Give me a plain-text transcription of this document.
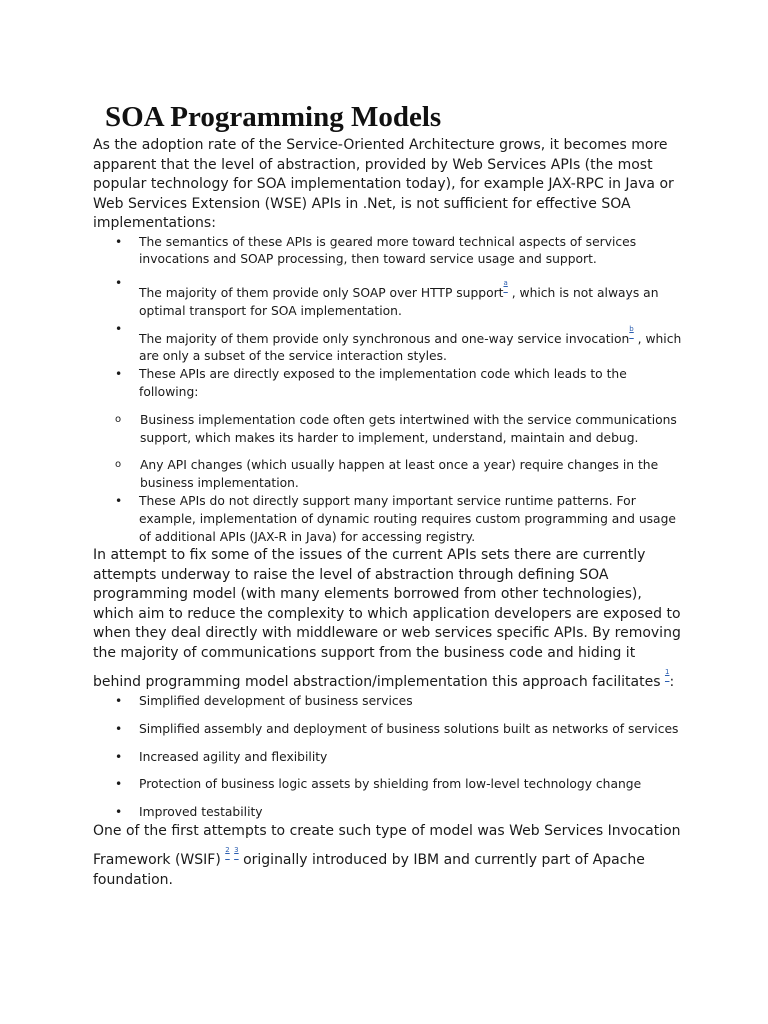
SOA Programming Models

As the adoption rate of the Service-Oriented Architecture grows, it becomes more apparent that the level of abstraction, provided by Web Services APIs (the most popular technology for SOA implementation today), for example JAX-RPC in Java or Web Services Extension (WSE) APIs in .Net, is not sufficient for effective SOA implementations:

• The semantics of these APIs is geared more toward technical aspects of services invocations and SOAP processing, then toward service usage and support.
• The majority of them provide only SOAP over HTTP support$^a$ , which is not always an optimal transport for SOA implementation.
• The majority of them provide only synchronous and one-way service invocation$^b$ , which are only a subset of the service interaction styles.
• These APIs are directly exposed to the implementation code which leads to the following:
o Business implementation code often gets intertwined with the service communications support, which makes its harder to implement, understand, maintain and debug.
o Any API changes (which usually happen at least once a year) require changes in the business implementation.
• These APIs do not directly support many important service runtime patterns. For example, implementation of dynamic routing requires custom programming and usage of additional APIs (JAX-R in Java) for accessing registry.

In attempt to fix some of the issues of the current APIs sets there are currently attempts underway to raise the level of abstraction through defining SOA programming model (with many elements borrowed from other technologies), which aim to reduce the complexity to which application developers are exposed to when they deal directly with middleware or web services specific APIs. By removing the majority of communications support from the business code and hiding it behind programming model abstraction/implementation this approach facilitates $^1$:

• Simplified development of business services
• Simplified assembly and deployment of business solutions built as networks of services
• Increased agility and flexibility
• Protection of business logic assets by shielding from low-level technology change
• Improved testability

One of the first attempts to create such type of model was Web Services Invocation Framework (WSIF) $^2$ $^3$ originally introduced by IBM and currently part of Apache foundation.
